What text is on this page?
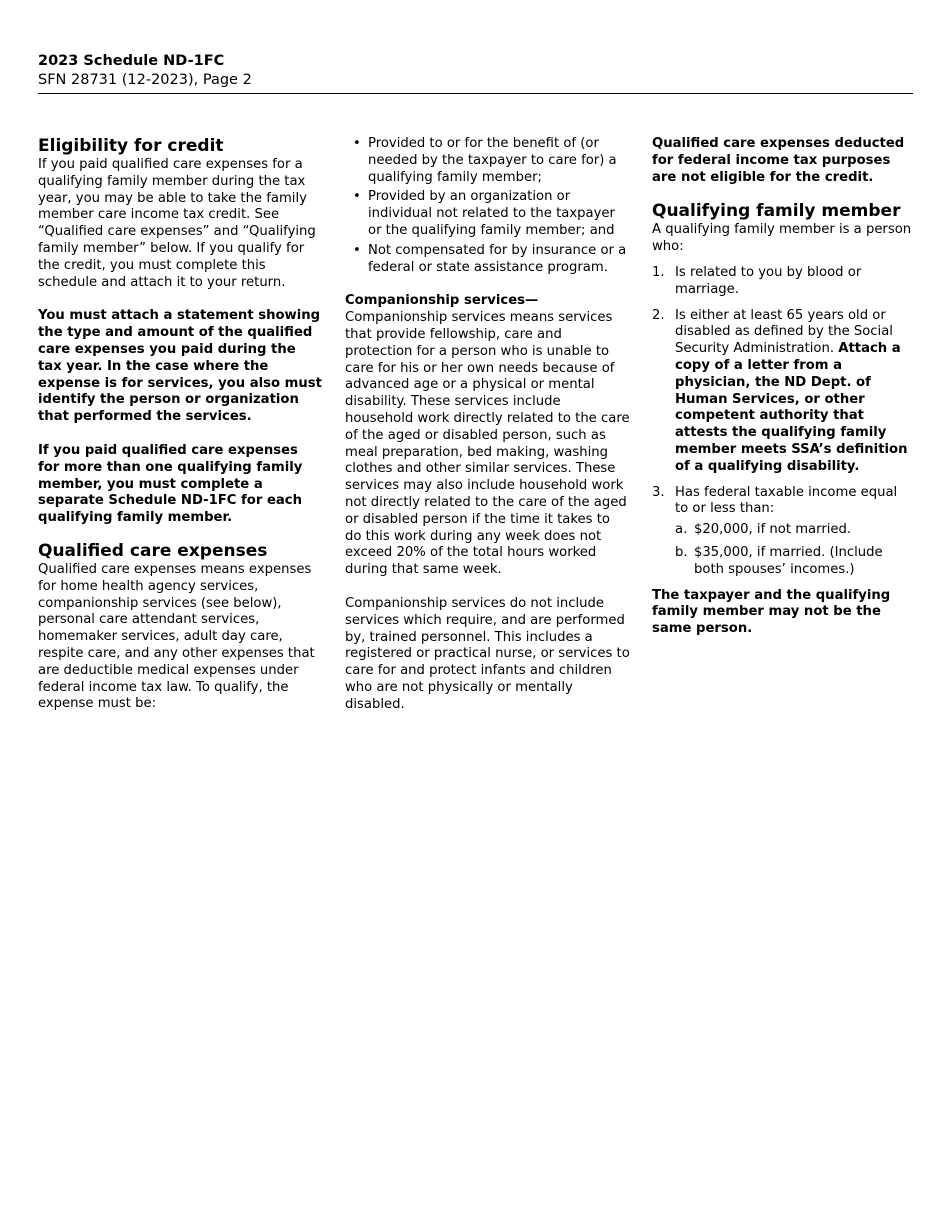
2023 Schedule ND-1FC
SFN 28731 (12-2023), Page 2
Eligibility for credit

If you paid qualified care expenses for a qualifying family member during the tax year, you may be able to take the family member care income tax credit. See “Qualified care expenses” and “Qualifying family member” below. If you qualify for the credit, you must complete this schedule and attach it to your return.

You must attach a statement showing the type and amount of the qualified care expenses you paid during the tax year. In the case where the expense is for services, you also must identify the person or organization that performed the services.

If you paid qualified care expenses for more than one qualifying family member, you must complete a separate Schedule ND-1FC for each qualifying family member.

Qualified care expenses

Qualified care expenses means expenses for home health agency services, companionship services (see below), personal care attendant services, homemaker services, adult day care, respite care, and any other expenses that are deductible medical expenses under federal income tax law. To qualify, the expense must be:

• Provided to or for the benefit of (or needed by the taxpayer to care for) a qualifying family member;
• Provided by an organization or individual not related to the taxpayer or the qualifying family member; and
• Not compensated for by insurance or a federal or state assistance program.

Companionship services— Companionship services means services that provide fellowship, care and protection for a person who is unable to care for his or her own needs because of advanced age or a physical or mental disability. These services include household work directly related to the care of the aged or disabled person, such as meal preparation, bed making, washing clothes and other similar services. These services may also include household work not directly related to the care of the aged or disabled person if the time it takes to do this work during any week does not exceed 20% of the total hours worked during that same week.

Companionship services do not include services which require, and are performed by, trained personnel. This includes a registered or practical nurse, or services to care for and protect infants and children who are not physically or mentally disabled.

Qualified care expenses deducted for federal income tax purposes are not eligible for the credit.

Qualifying family member

A qualifying family member is a person who:

1. Is related to you by blood or marriage.
2. Is either at least 65 years old or disabled as defined by the Social Security Administration. Attach a copy of a letter from a physician, the ND Dept. of Human Services, or other competent authority that attests the qualifying family member meets SSA’s definition of a qualifying disability.
3. Has federal taxable income equal to or less than:
a. $20,000, if not married.
b. $35,000, if married. (Include both spouses’ incomes.)

The taxpayer and the qualifying family member may not be the same person.
